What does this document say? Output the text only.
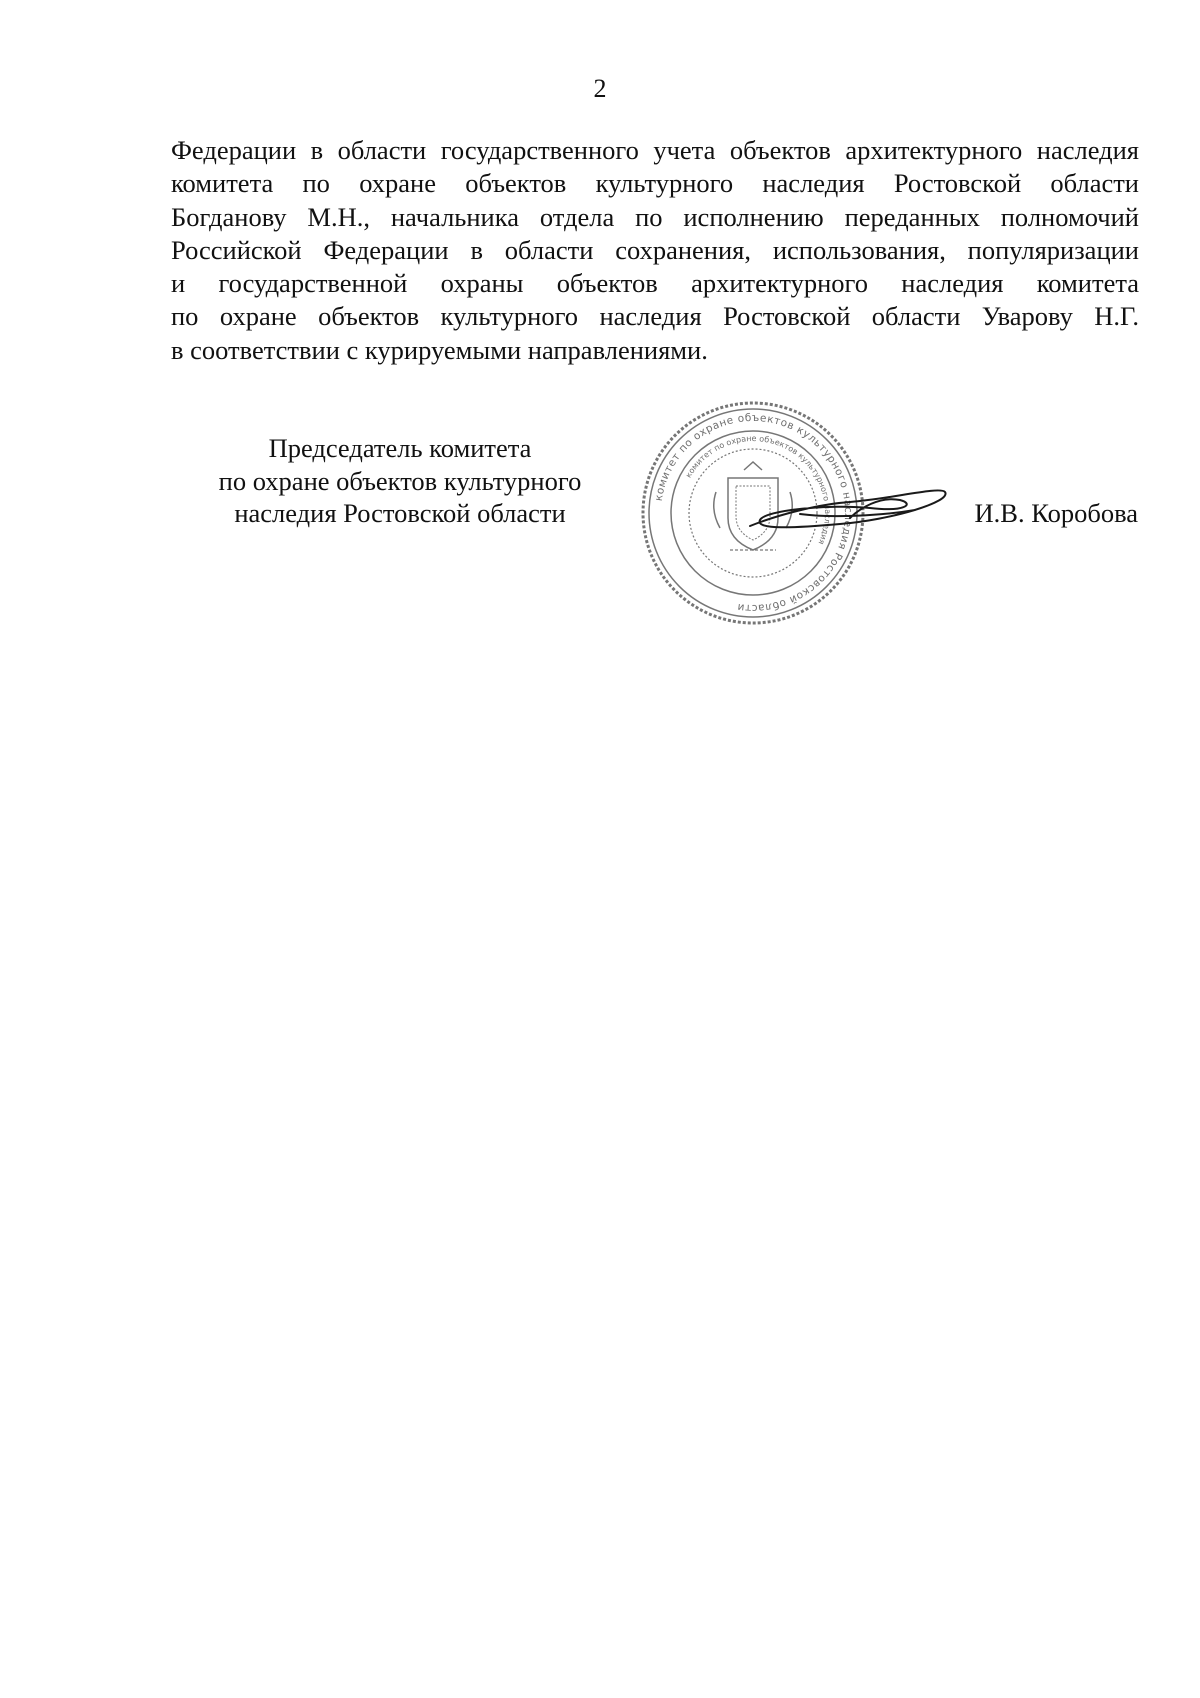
2
Федерации в области государственного учета объектов архитектурного наследия
комитета по охране объектов культурного наследия Ростовской области
Богданову М.Н., начальника отдела по исполнению переданных полномочий
Российской Федерации в области сохранения, использования, популяризации
и государственной охраны объектов архитектурного наследия комитета
по охране объектов культурного наследия Ростовской области Уварову Н.Г.
в соответствии с курируемыми направлениями.
Председатель комитета
по охране объектов культурного
наследия Ростовской области
комитет по охране объектов культурного наследия Ростовской области
комитет по охране объектов культурного наследия
И.В. Коробова
